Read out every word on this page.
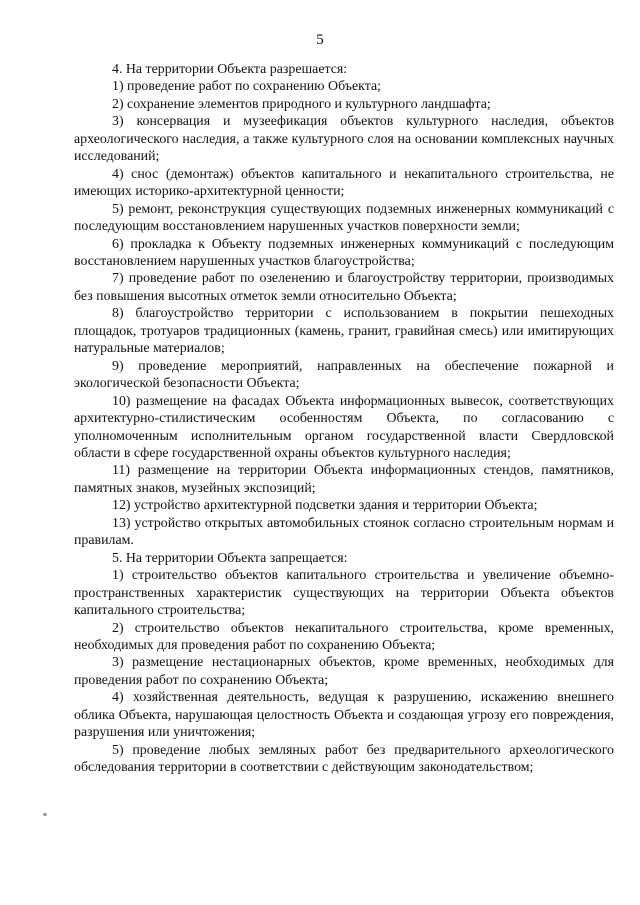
5

4. На территории Объекта разрешается:

1) проведение работ по сохранению Объекта;

2) сохранение элементов природного и культурного ландшафта;

3) консервация и музеефикация объектов культурного наследия, объектов археологического наследия, а также культурного слоя на основании комплексных научных исследований;

4) снос (демонтаж) объектов капитального и некапитального строительства, не имеющих историко-архитектурной ценности;

5) ремонт, реконструкция существующих подземных инженерных коммуникаций с последующим восстановлением нарушенных участков поверхности земли;

6) прокладка к Объекту подземных инженерных коммуникаций с последующим восстановлением нарушенных участков благоустройства;

7) проведение работ по озеленению и благоустройству территории, производимых без повышения высотных отметок земли относительно Объекта;

8) благоустройство территории с использованием в покрытии пешеходных площадок, тротуаров традиционных (камень, гранит, гравийная смесь) или имитирующих натуральные материалов;

9) проведение мероприятий, направленных на обеспечение пожарной и экологической безопасности Объекта;

10) размещение на фасадах Объекта информационных вывесок, соответствующих архитектурно-стилистическим особенностям Объекта, по согласованию с уполномоченным исполнительным органом государственной власти Свердловской области в сфере государственной охраны объектов культурного наследия;

11) размещение на территории Объекта информационных стендов, памятников, памятных знаков, музейных экспозиций;

12) устройство архитектурной подсветки здания и территории Объекта;

13) устройство открытых автомобильных стоянок согласно строительным нормам и правилам.

5. На территории Объекта запрещается:

1) строительство объектов капитального строительства и увеличение объемно-пространственных характеристик существующих на территории Объекта объектов капитального строительства;

2) строительство объектов некапитального строительства, кроме временных, необходимых для проведения работ по сохранению Объекта;

3) размещение нестационарных объектов, кроме временных, необходимых для проведения работ по сохранению Объекта;

4) хозяйственная деятельность, ведущая к разрушению, искажению внешнего облика Объекта, нарушающая целостность Объекта и создающая угрозу его повреждения, разрушения или уничтожения;

5) проведение любых земляных работ без предварительного археологического обследования территории в соответствии с действующим законодательством;
